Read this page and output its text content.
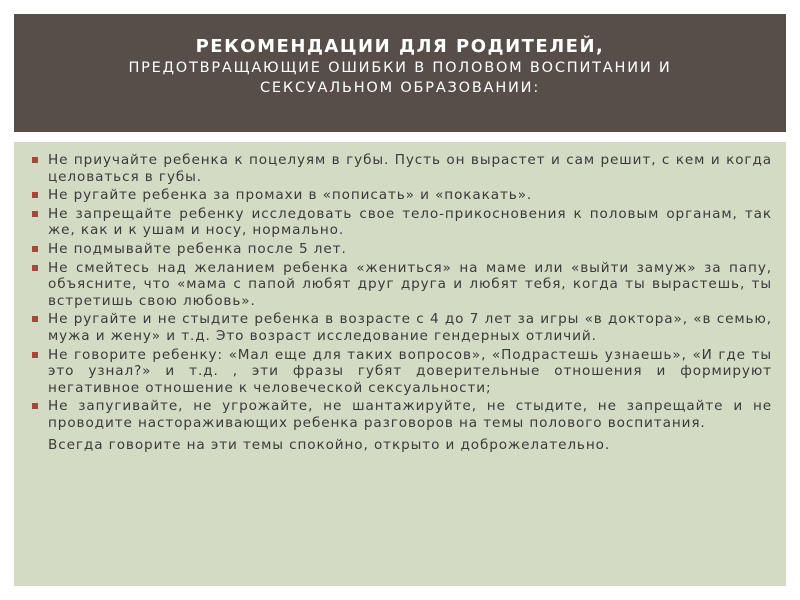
РЕКОМЕНДАЦИИ ДЛЯ РОДИТЕЛЕЙ,

ПРЕДОТВРАЩАЮЩИЕ ОШИБКИ В ПОЛОВОМ ВОСПИТАНИИ И СЕКСУАЛЬНОМ ОБРАЗОВАНИИ:

Не приучайте ребенка к поцелуям в губы. Пусть он вырастет и сам решит, с кем и когда целоваться в губы.
Не ругайте ребенка за промахи в «пописать» и «покакать».
Не запрещайте ребенку исследовать свое тело-прикосновения к половым органам, так же, как и к ушам и носу, нормально.
Не подмывайте ребенка после 5 лет.
Не смейтесь над желанием ребенка «жениться» на маме или «выйти замуж» за папу, объясните, что «мама с папой любят друг друга и любят тебя, когда ты вырастешь, ты встретишь свою любовь».
Не ругайте и не стыдите ребенка в возрасте с 4 до 7 лет за игры «в доктора», «в семью, мужа и жену» и т.д. Это возраст исследование гендерных отличий.
Не говорите ребенку: «Мал еще для таких вопросов», «Подрастешь узнаешь», «И где ты это узнал?» и т.д. , эти фразы губят доверительные отношения и формируют негативное отношение к человеческой сексуальности;
Не запугивайте, не угрожайте, не шантажируйте, не стыдите, не запрещайте и не проводите настораживающих ребенка разговоров на темы полового воспитания.

Всегда говорите на эти темы спокойно, открыто и доброжелательно.
